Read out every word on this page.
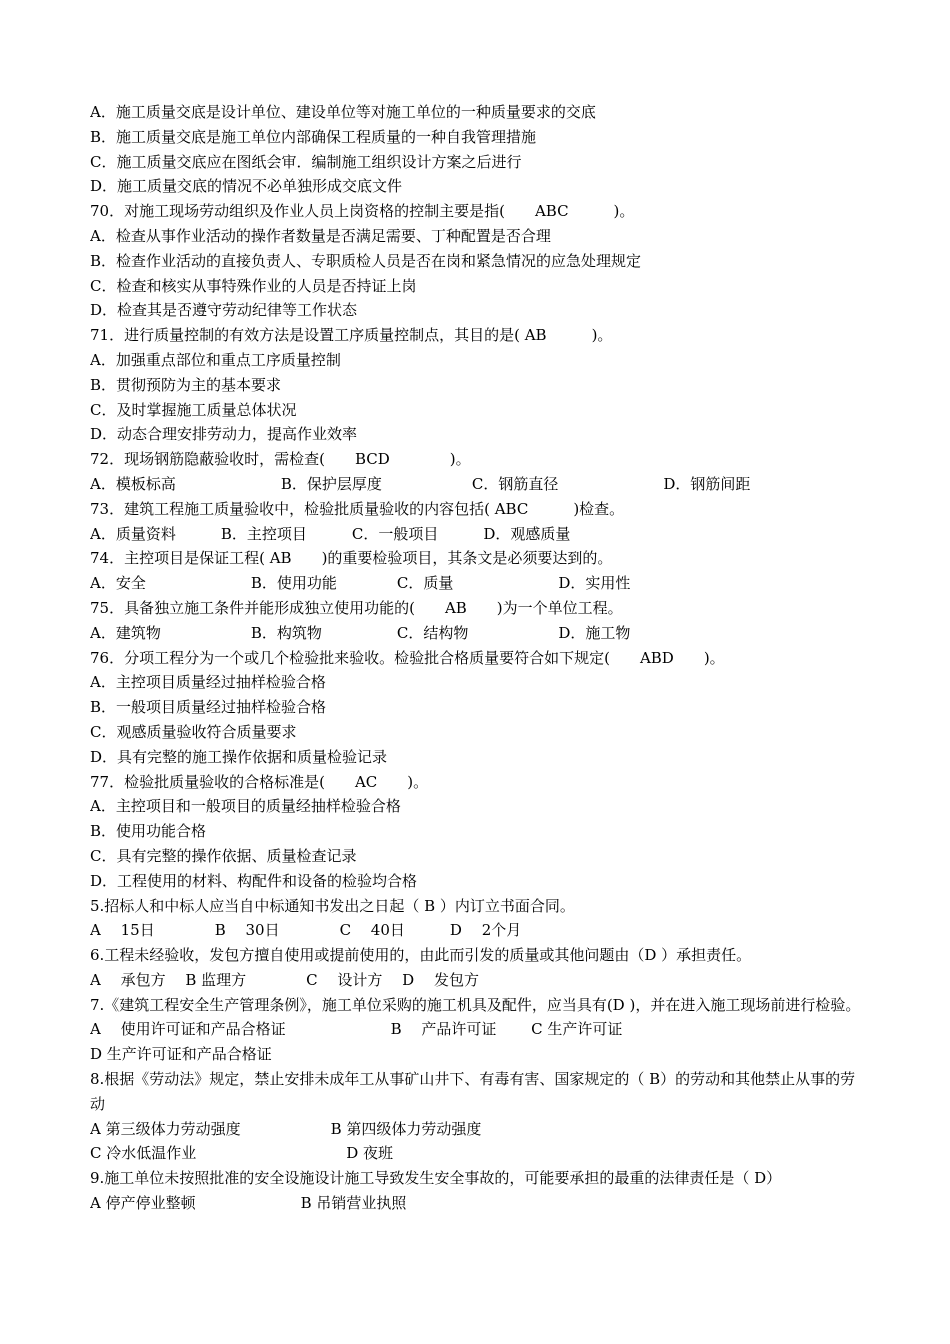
A．施工质量交底是设计单位、建设单位等对施工单位的一种质量要求的交底
B．施工质量交底是施工单位内部确保工程质量的一种自我管理措施
C．施工质量交底应在图纸会审．编制施工组织设计方案之后进行
D．施工质量交底的情况不必单独形成交底文件
70．对施工现场劳动组织及作业人员上岗资格的控制主要是指(　　ABC　　　)。
A．检查从事作业活动的操作者数量是否满足需要、丁种配置是否合理
B．检查作业活动的直接负责人、专职质检人员是否在岗和紧急情况的应急处理规定
C．检查和核实从事特殊作业的人员是否持证上岗
D．检查其是否遵守劳动纪律等工作状态
71．进行质量控制的有效方法是设置工序质量控制点，其目的是( AB　　　)。
A．加强重点部位和重点工序质量控制
B．贯彻预防为主的基本要求
C．及时掌握施工质量总体状况
D．动态合理安排劳动力，提高作业效率
72．现场钢筋隐蔽验收时，需检查(　　BCD　　　　)。
A．模板标高　　　　　　　B．保护层厚度　　　　　　C．钢筋直径　　　　　　　D．钢筋间距
73．建筑工程施工质量验收中，检验批质量验收的内容包括( ABC　　　)检查。
A．质量资料　　　B．主控项目　　　C．一般项目　　　D．观感质量
74．主控项目是保证工程( AB　　)的重要检验项目，其条文是必须要达到的。
A．安全　　　　　　　B．使用功能　　　　C．质量　　　　　　　D．实用性
75．具备独立施工条件并能形成独立使用功能的(　　AB　　)为一个单位工程。
A．建筑物　　　　　　B．构筑物　　　　　C．结构物　　　　　　D．施工物
76．分项工程分为一个或几个检验批来验收。检验批合格质量要符合如下规定(　　ABD　　)。
A．主控项目质量经过抽样检验合格
B．一般项目质量经过抽样检验合格
C．观感质量验收符合质量要求
D．具有完整的施工操作依据和质量检验记录
77．检验批质量验收的合格标准是(　　AC　　)。
A．主控项目和一般项目的质量经抽样检验合格
B．使用功能合格
C．具有完整的操作依据、质量检查记录
D．工程使用的材料、构配件和设备的检验均合格
5.招标人和中标人应当自中标通知书发出之日起（ B ）内订立书面合同。
A　 15日　　　　B　 30日　　　　C　 40日　　　D　 2个月
6.工程未经验收，发包方擅自使用或提前使用的，由此而引发的质量或其他问题由（D ）承担责任。
A　 承包方　 B 监理方　　　　C　 设计方　 D　 发包方
7.《建筑工程安全生产管理条例》，施工单位采购的施工机具及配件，应当具有(D )，并在进入施工现场前进行检验。
A　 使用许可证和产品合格证　　　　　　　B　 产品许可证　　 C 生产许可证
D 生产许可证和产品合格证
8.根据《劳动法》规定，禁止安排未成年工从事矿山井下、有毒有害、国家规定的（ B）的劳动和其他禁止从事的劳动
A 第三级体力劳动强度　　　　　　B 第四级体力劳动强度
C 冷水低温作业　　　　　　　　　　D 夜班
9.施工单位未按照批准的安全设施设计施工导致发生安全事故的，可能要承担的最重的法律责任是（ D）
A 停产停业整顿　　　　　　　B 吊销营业执照
